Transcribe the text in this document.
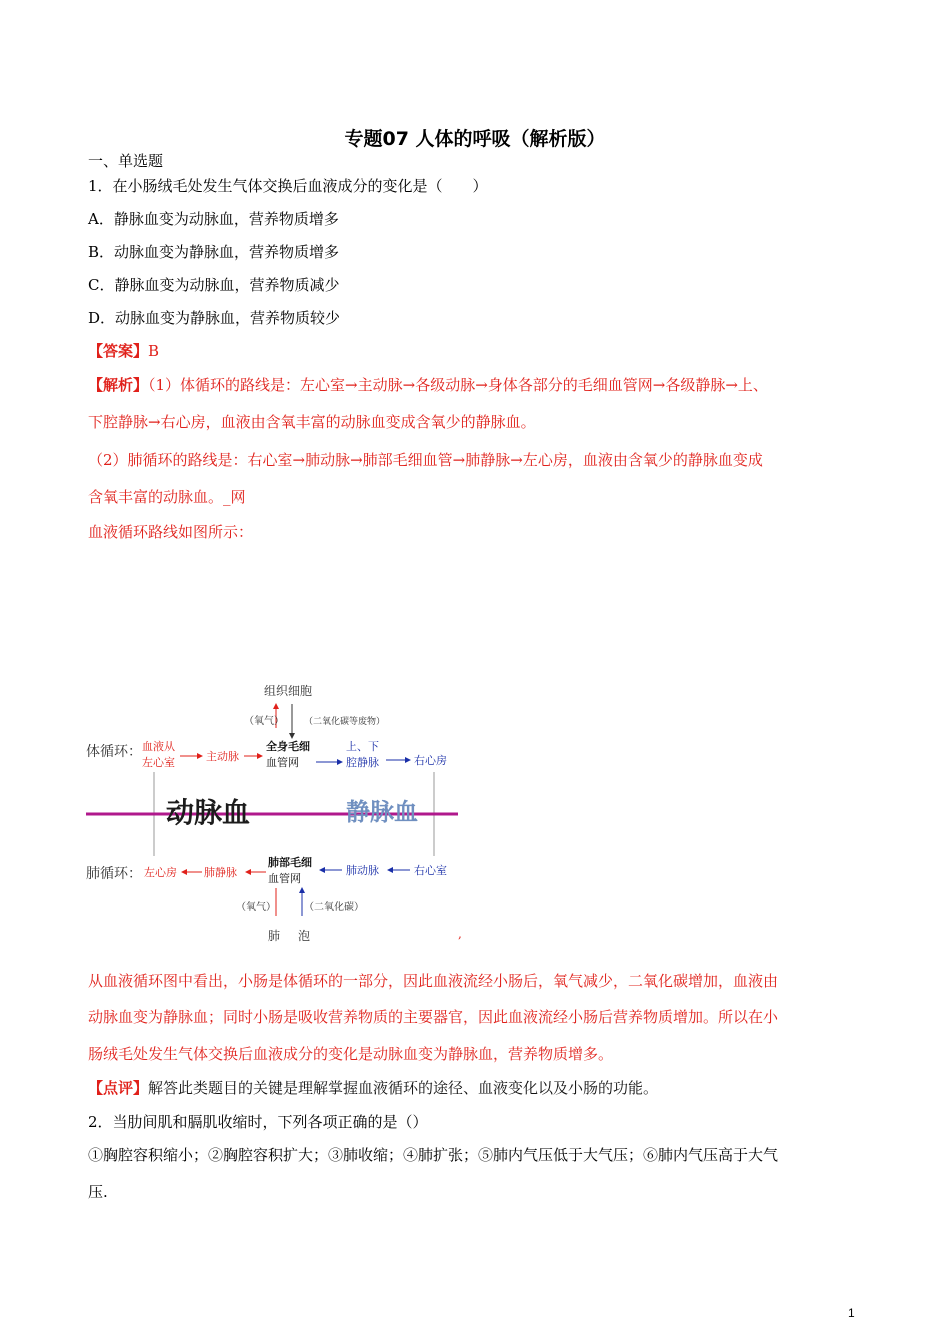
专题07 人体的呼吸（解析版）
一、单选题
1．在小肠绒毛处发生气体交换后血液成分的变化是（　　）
A．静脉血变为动脉血，营养物质增多
B．动脉血变为静脉血，营养物质增多
C．静脉血变为动脉血，营养物质减少
D．动脉血变为静脉血，营养物质较少
【答案】B
【解析】（1）体循环的路线是：左心室→主动脉→各级动脉→身体各部分的毛细血管网→各级静脉→上、
下腔静脉→右心房，血液由含氧丰富的动脉血变成含氧少的静脉血。
（2）肺循环的路线是：右心室→肺动脉→肺部毛细血管→肺静脉→左心房，血液由含氧少的静脉血变成
含氧丰富的动脉血。_网
血液循环路线如图所示：
组织细胞
（氧气） （二氧化碳等废物）
体循环： 血液从
左心室	主动脉
全身毛细
血管网
上、下
腔静脉	右心房
动脉血	静脉血
肺循环： 左心房 肺静脉
肺部毛细
血管网
肺动脉	右心室
（氧气）	（二氧化碳）
肺 泡	,
从血液循环图中看出，小肠是体循环的一部分，因此血液流经小肠后，氧气减少，二氧化碳增加，血液由
动脉血变为静脉血；同时小肠是吸收营养物质的主要器官，因此血液流经小肠后营养物质增加。所以在小
肠绒毛处发生气体交换后血液成分的变化是动脉血变为静脉血，营养物质增多。
【点评】解答此类题目的关键是理解掌握血液循环的途径、血液变化以及小肠的功能。
2．当肋间肌和膈肌收缩时，下列各项正确的是（）
①胸腔容积缩小；②胸腔容积扩大；③肺收缩；④肺扩张；⑤肺内气压低于大气压；⑥肺内气压高于大气
压.
1
